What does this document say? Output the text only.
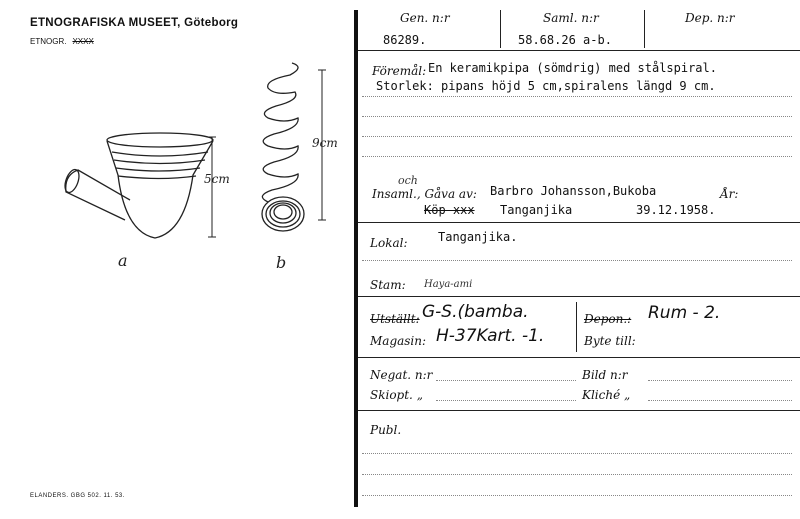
ETNOGRAFISKA MUSEET, Göteborg
ETNOGR. XXXX
5cm
9cm
a	b
ELANDERS. GBG 502. 11. 53.
Gen. n:r
86289.
Saml. n:r
58.68.26 a-b.
Dep. n:r
Föremål: En keramikpipa (sömdrig) med stålspiral.
Storlek: pipans höjd 5 cm,spiralens längd 9 cm.
och
Insaml., Gåva av: Barbro Johansson,Bukoba	År:
Köp xxx Tanganjika	39.12.1958.
Lokal:	Tanganjika.
Stam: Haya-ami
Utställt: G-S.(bamba.	Depon.: Rum - 2.
Magasin: H-37Kart. -1.	Byte till:
Negat. n:r	Bild n:r
Skiopt. „	Kliché „
Publ.
